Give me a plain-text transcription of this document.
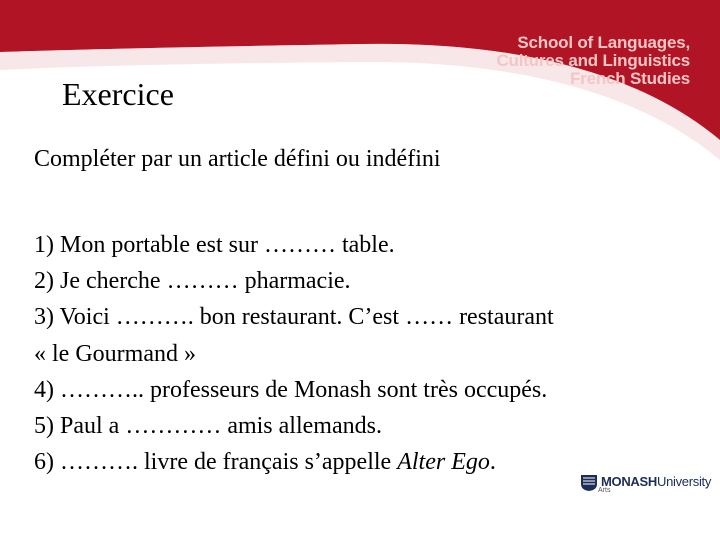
School of Languages,
Cultures and Linguistics
French Studies
Exercice
Compléter par un article défini ou indéfini
1) Mon portable est sur ……… table.
2) Je cherche ……… pharmacie.
3) Voici ………. bon restaurant. C’est …… restaurant
« le Gourmand »
4) ……….. professeurs de Monash sont très occupés.
5) Paul a ………… amis allemands.
6) ………. livre de français s’appelle Alter Ego.
MONASHUniversity
Arts
